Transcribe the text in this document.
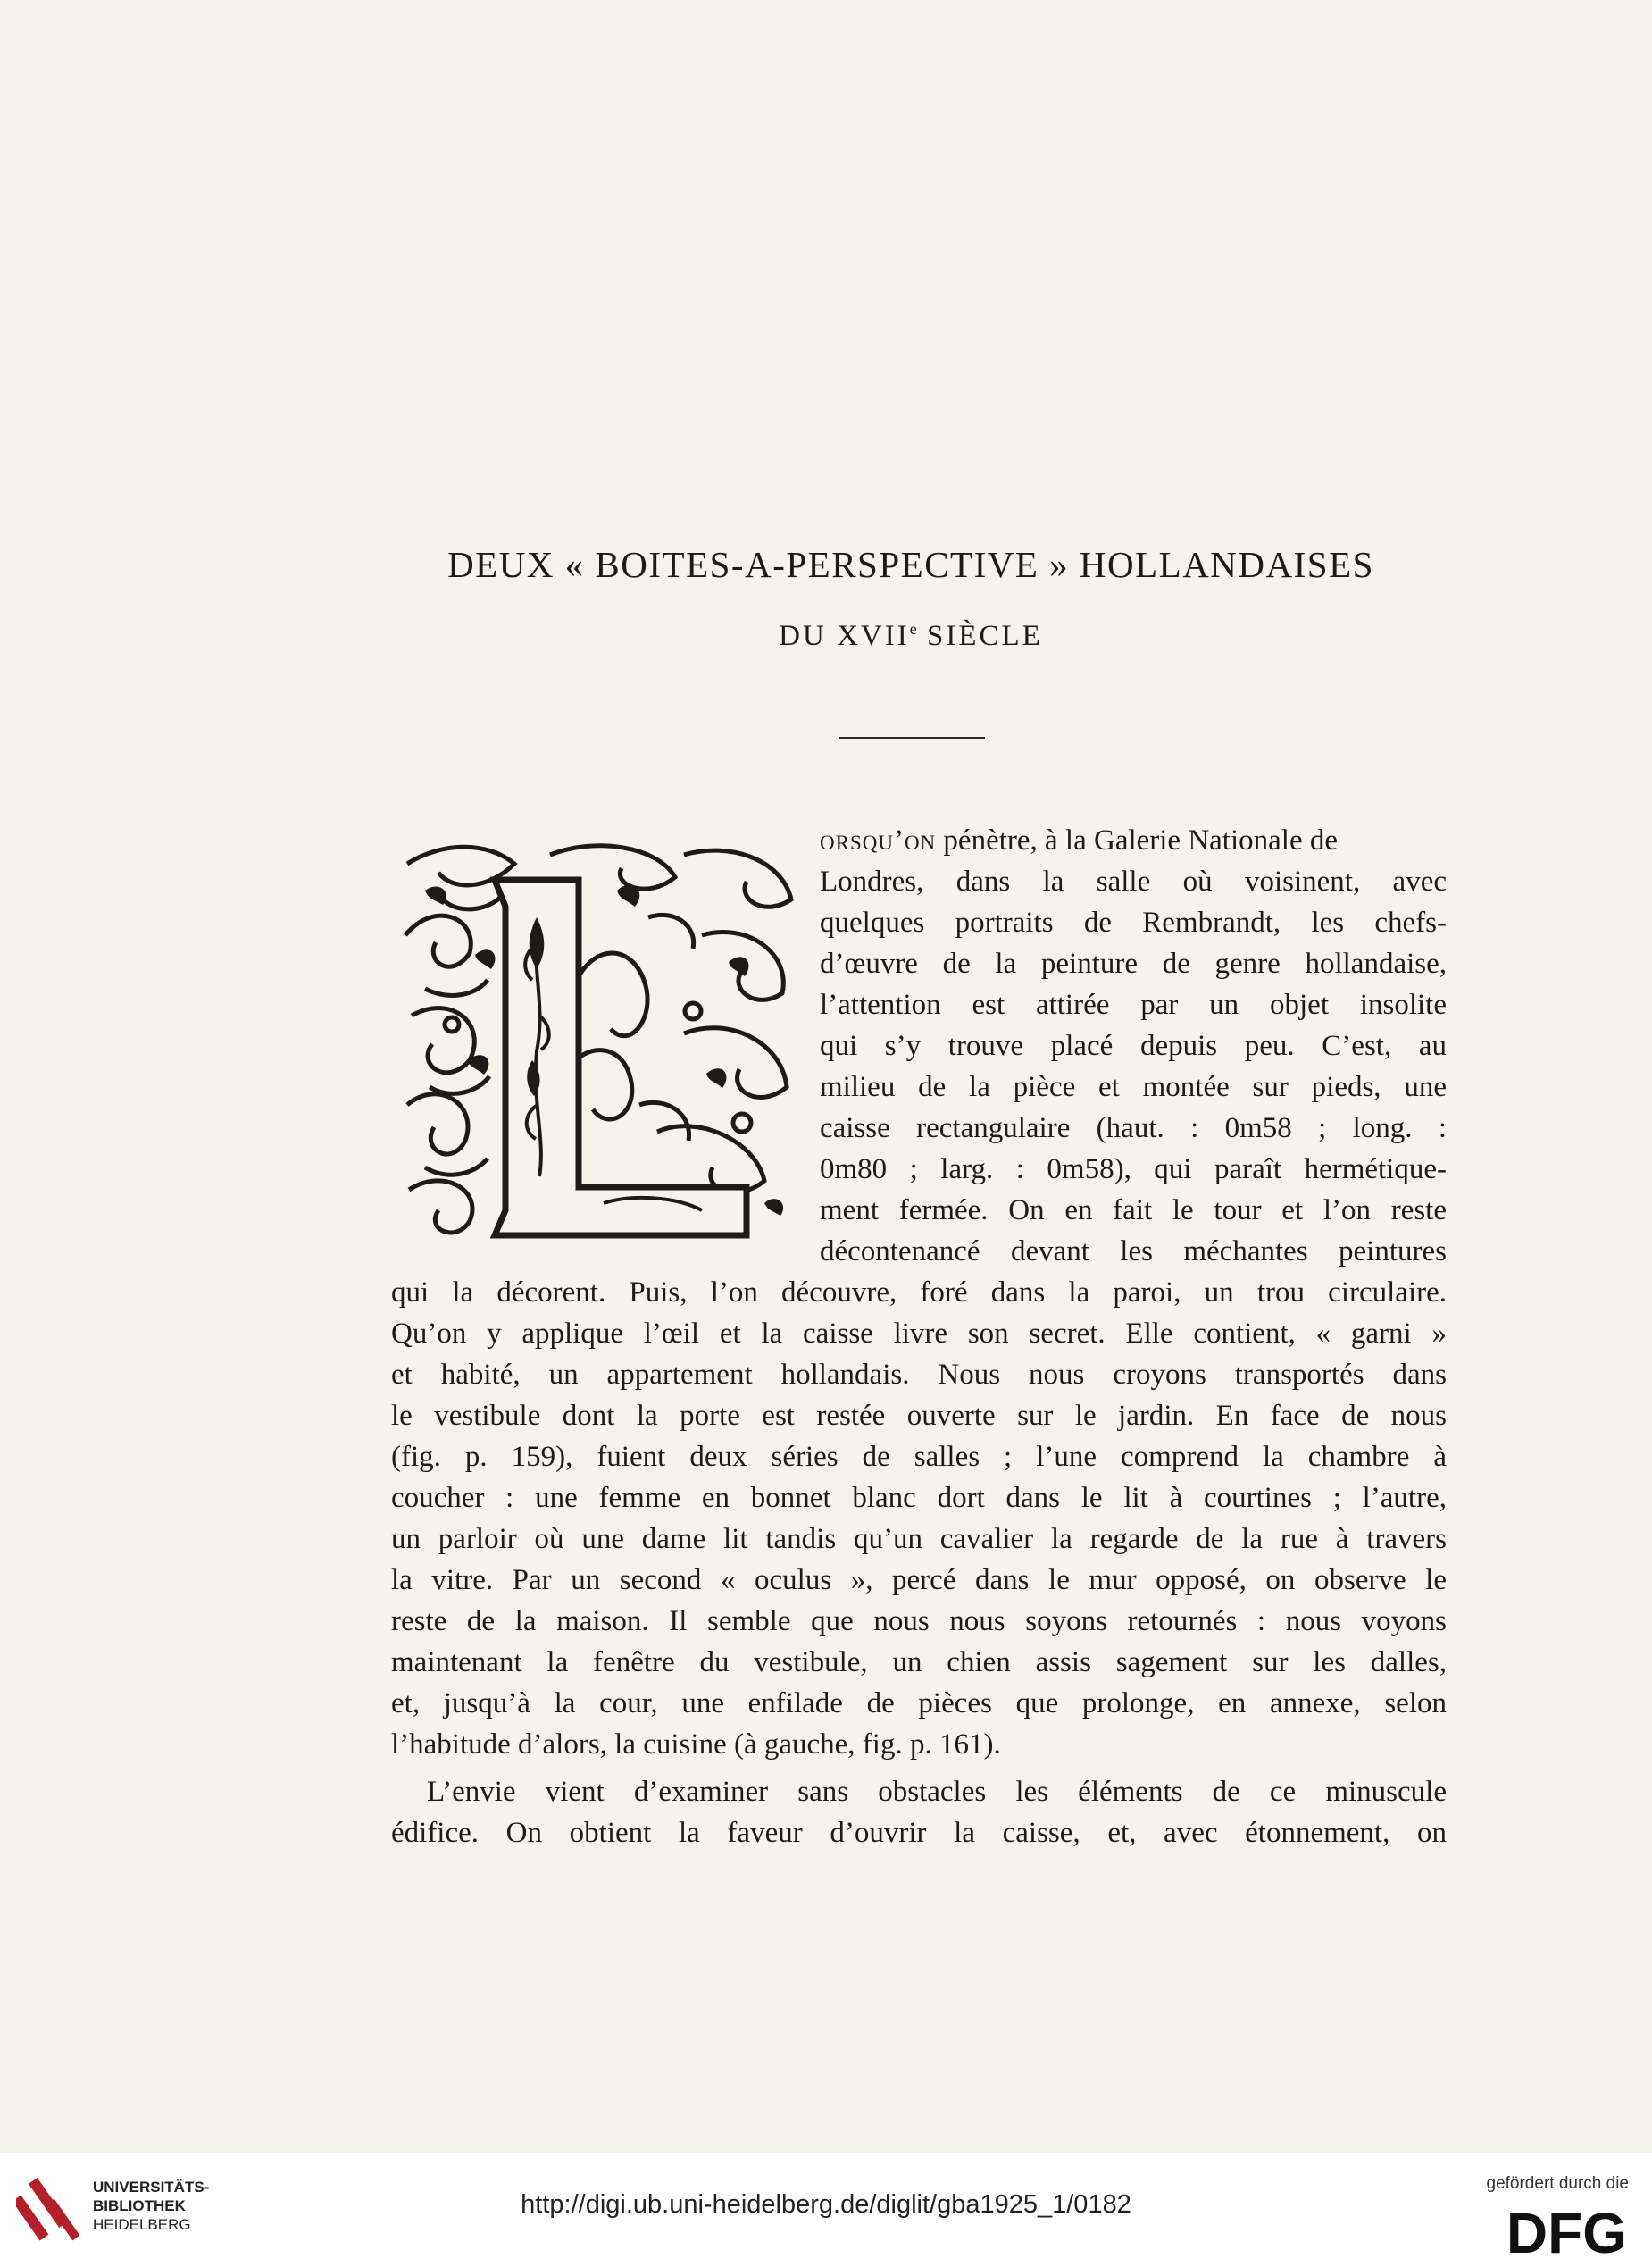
DEUX « BOITES-A-PERSPECTIVE » HOLLANDAISES
DU XVIIe SIÈCLE
orsqu’on pénètre, à la Galerie Nationale de
Londres, dans la salle où voisinent, avec
quelques portraits de Rembrandt, les chefs-
d’œuvre de la peinture de genre hollandaise,
l’attention est attirée par un objet insolite
qui s’y trouve placé depuis peu. C’est, au
milieu de la pièce et montée sur pieds, une
caisse rectangulaire (haut. : 0m58 ; long. :
0m80 ; larg. : 0m58), qui paraît hermétique-
ment fermée. On en fait le tour et l’on reste
décontenancé devant les méchantes peintures
qui la décorent. Puis, l’on découvre, foré dans la paroi, un trou circulaire.
Qu’on y applique l’œil et la caisse livre son secret. Elle contient, « garni »
et habité, un appartement hollandais. Nous nous croyons transportés dans
le vestibule dont la porte est restée ouverte sur le jardin. En face de nous
(fig. p. 159), fuient deux séries de salles ; l’une comprend la chambre à
coucher : une femme en bonnet blanc dort dans le lit à courtines ; l’autre,
un parloir où une dame lit tandis qu’un cavalier la regarde de la rue à travers
la vitre. Par un second « oculus », percé dans le mur opposé, on observe le
reste de la maison. Il semble que nous nous soyons retournés : nous voyons
maintenant la fenêtre du vestibule, un chien assis sagement sur les dalles,
et, jusqu’à la cour, une enfilade de pièces que prolonge, en annexe, selon
l’habitude d’alors, la cuisine (à gauche, fig. p. 161).
L’envie vient d’examiner sans obstacles les éléments de ce minuscule
édifice. On obtient la faveur d’ouvrir la caisse, et, avec étonnement, on
UNIVERSITÄTS-
BIBLIOTHEK
HEIDELBERG
http://digi.ub.uni-heidelberg.de/diglit/gba1925_1/0182
gefördert durch die
DFG
